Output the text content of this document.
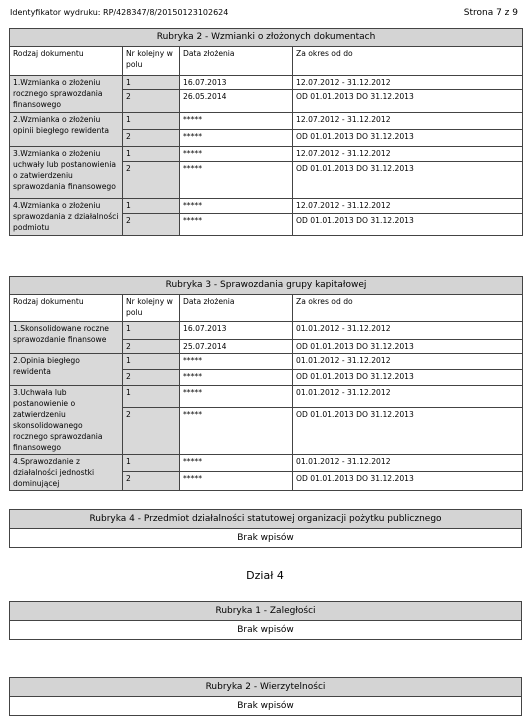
Identyfikator wydruku: RP/428347/8/20150123102624	Strona 7 z 9
Rubryka 2 - Wzmianki o złożonych dokumentach			
Rodzaj dokumentu	Nr kolejny w polu	Data złożenia	Za okres od do
1.Wzmianka o złożeniu rocznego sprawozdania finansowego	1	16.07.2013	12.07.2012 - 31.12.2012
	2	26.05.2014	OD 01.01.2013 DO 31.12.2013
2.Wzmianka o złożeniu opinii biegłego rewidenta	1	*****	12.07.2012 - 31.12.2012
	2	*****	OD 01.01.2013 DO 31.12.2013
3.Wzmianka o złożeniu uchwały lub postanowienia o zatwierdzeniu sprawozdania finansowego	1	*****	12.07.2012 - 31.12.2012
	2	*****	OD 01.01.2013 DO 31.12.2013
4.Wzmianka o złożeniu sprawozdania z działalności podmiotu	1	*****	12.07.2012 - 31.12.2012
	2	*****	OD 01.01.2013 DO 31.12.2013
Rubryka 3 - Sprawozdania grupy kapitałowej			
Rodzaj dokumentu	Nr kolejny w polu	Data złożenia	Za okres od do
1.Skonsolidowane roczne sprawozdanie finansowe	1	16.07.2013	01.01.2012 - 31.12.2012
	2	25.07.2014	OD 01.01.2013 DO 31.12.2013
2.Opinia biegłego rewidenta	1	*****	01.01.2012 - 31.12.2012
	2	*****	OD 01.01.2013 DO 31.12.2013
3.Uchwała lub postanowienie o zatwierdzeniu skonsolidowanego rocznego sprawozdania finansowego	1	*****	01.01.2012 - 31.12.2012
	2	*****	OD 01.01.2013 DO 31.12.2013
4.Sprawozdanie z działalności jednostki dominującej	1	*****	01.01.2012 - 31.12.2012
	2	*****	OD 01.01.2013 DO 31.12.2013
Rubryka 4 - Przedmiot działalności statutowej organizacji pożytku publicznego
Brak wpisów
Dział 4
Rubryka 1 - Zaległości
Brak wpisów
Rubryka 2 - Wierzytelności
Brak wpisów
